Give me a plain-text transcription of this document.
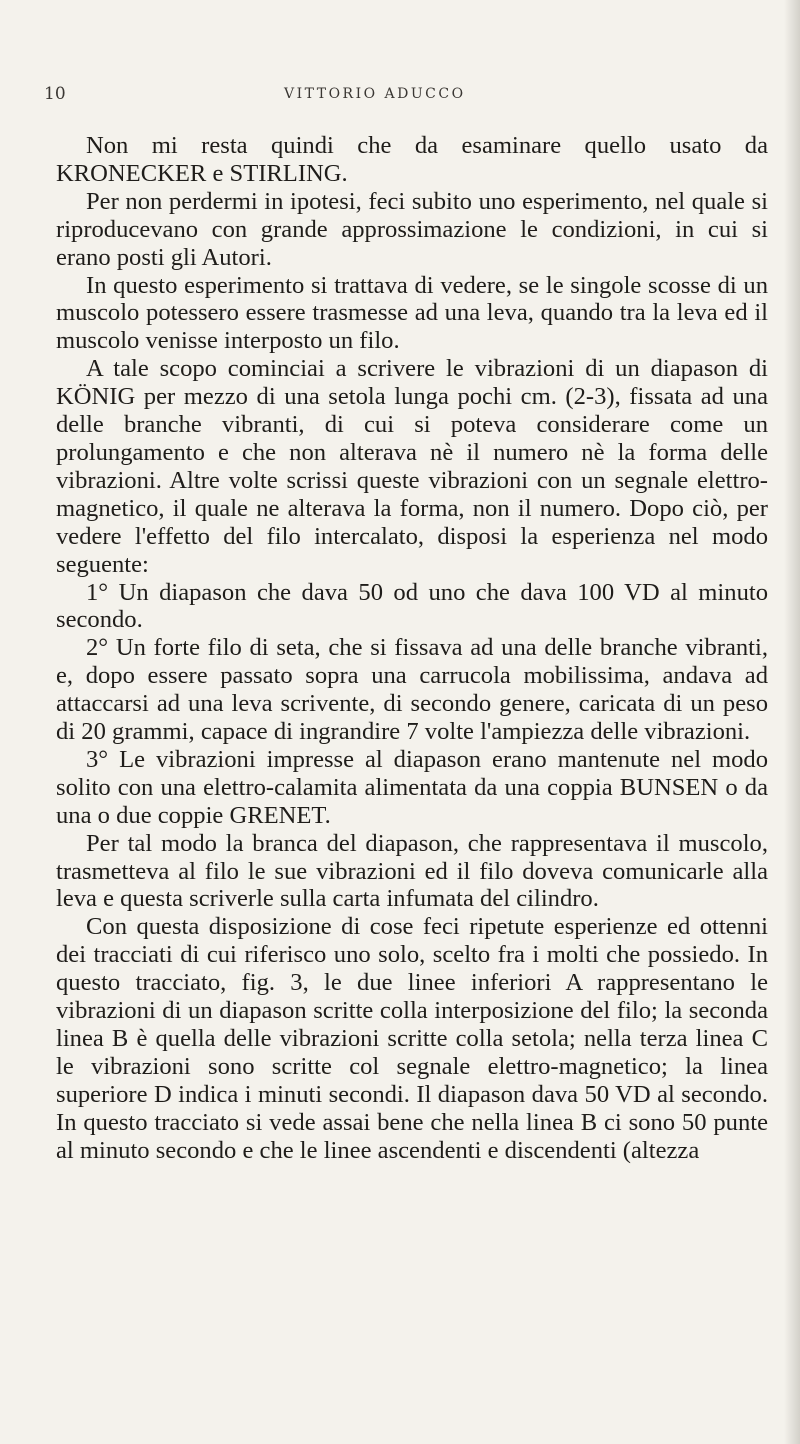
10	VITTORIO ADUCCO

Non mi resta quindi che da esaminare quello usato da KRONECKER e STIRLING.

Per non perdermi in ipotesi, feci subito uno esperimento, nel quale si riproducevano con grande approssimazione le condizioni, in cui si erano posti gli Autori.

In questo esperimento si trattava di vedere, se le singole scosse di un muscolo potessero essere trasmesse ad una leva, quando tra la leva ed il muscolo venisse interposto un filo.

A tale scopo cominciai a scrivere le vibrazioni di un diapason di KÖNIG per mezzo di una setola lunga pochi cm. (2-3), fissata ad una delle branche vibranti, di cui si poteva considerare come un prolungamento e che non alterava nè il numero nè la forma delle vibrazioni. Altre volte scrissi queste vibrazioni con un segnale elettro-magnetico, il quale ne alterava la forma, non il numero. Dopo ciò, per vedere l'effetto del filo intercalato, disposi la esperienza nel modo seguente:

1° Un diapason che dava 50 od uno che dava 100 VD al minuto secondo.

2° Un forte filo di seta, che si fissava ad una delle branche vibranti, e, dopo essere passato sopra una carrucola mobilissima, andava ad attaccarsi ad una leva scrivente, di secondo genere, caricata di un peso di 20 grammi, capace di ingrandire 7 volte l'ampiezza delle vibrazioni.

3° Le vibrazioni impresse al diapason erano mantenute nel modo solito con una elettro-calamita alimentata da una coppia BUNSEN o da una o due coppie GRENET.

Per tal modo la branca del diapason, che rappresentava il muscolo, trasmetteva al filo le sue vibrazioni ed il filo doveva comunicarle alla leva e questa scriverle sulla carta infumata del cilindro.

Con questa disposizione di cose feci ripetute esperienze ed ottenni dei tracciati di cui riferisco uno solo, scelto fra i molti che possiedo. In questo tracciato, fig. 3, le due linee inferiori A rappresentano le vibrazioni di un diapason scritte colla interposizione del filo; la seconda linea B è quella delle vibrazioni scritte colla setola; nella terza linea C le vibrazioni sono scritte col segnale elettro-magnetico; la linea superiore D indica i minuti secondi. Il diapason dava 50 VD al secondo. In questo tracciato si vede assai bene che nella linea B ci sono 50 punte al minuto secondo e che le linee ascendenti e discendenti (altezza
